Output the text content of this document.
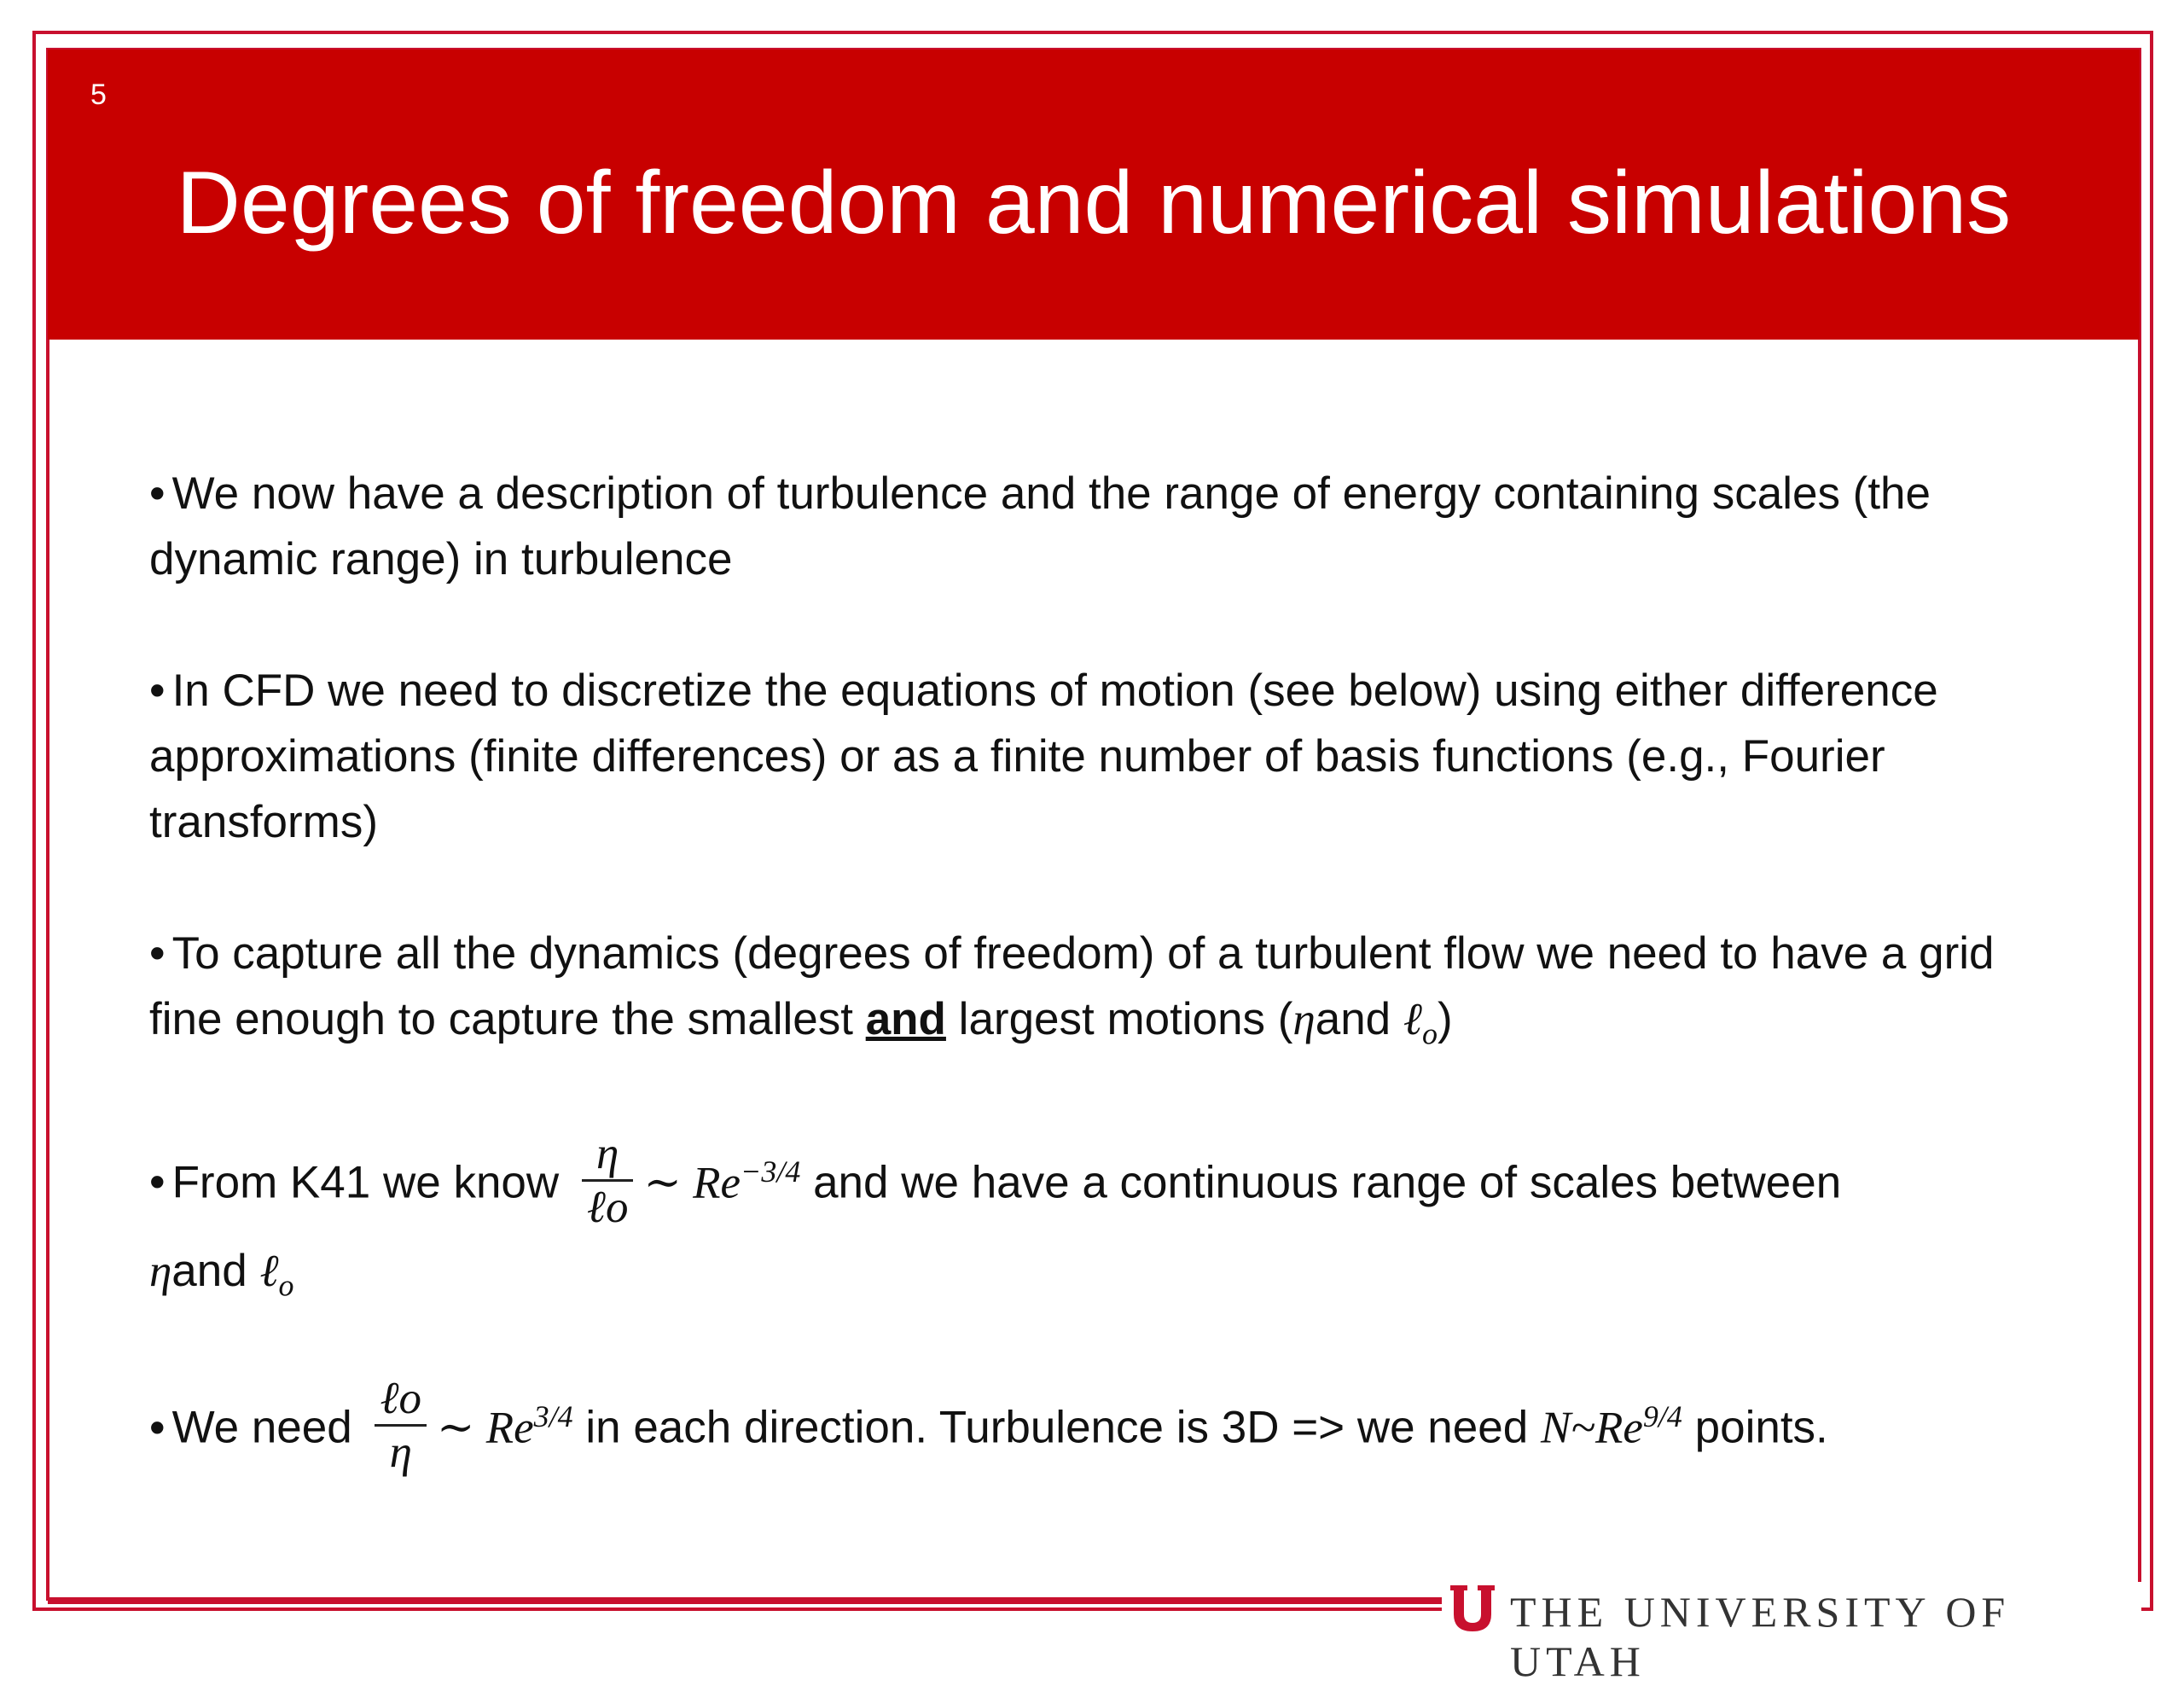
5
Degrees of freedom and numerical simulations
• We now have a description of turbulence and the range of energy containing scales (the dynamic range) in turbulence
• In CFD we need to discretize the equations of motion (see below) using either difference approximations (finite differences) or as a finite number of basis functions (e.g., Fourier transforms)
• To capture all the dynamics (degrees of freedom) of a turbulent flow we need to have a grid fine enough to capture the smallest and largest motions (ηand ℓ$_o$)
• From K41 we know $\frac{\eta}{\text{ℓo}}$ ∼ $Re^{-3/4}$ and we have a continuous range of scales between
ηand ℓ$_o$
• We need $\frac{\text{ℓo}}{\eta}$ ∼ $Re^{3/4}$ in each direction. Turbulence is 3D => we need $N\sim Re^{9/4}$ points.
THE UNIVERSITY OF UTAH
